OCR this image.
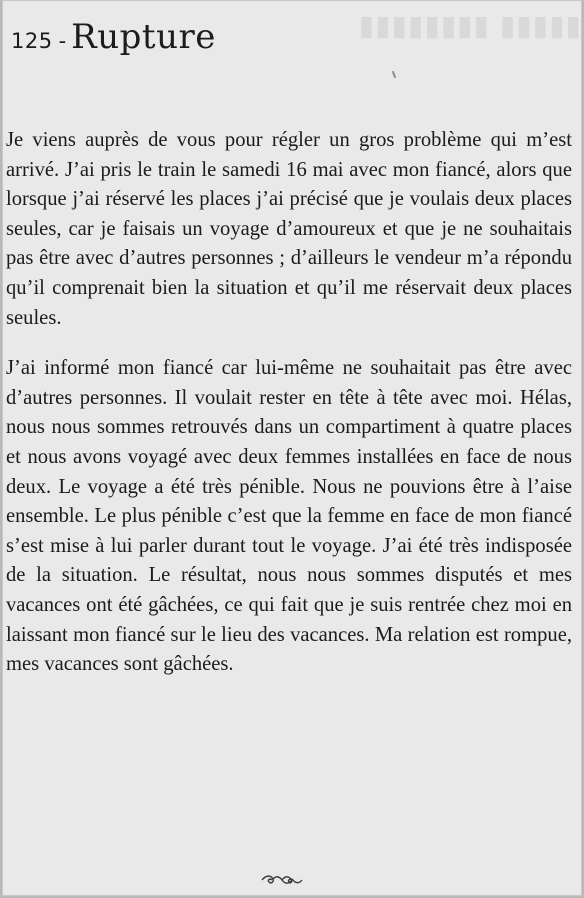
▮▮▮▮▮ ▮▮▮▮▮▮▮▮
125 - Rupture

Je viens auprès de vous pour régler un gros problème qui m’est arrivé. J’ai pris le train le samedi 16 mai avec mon fiancé, alors que lorsque j’ai réservé les places j’ai précisé que je voulais deux places seules, car je faisais un voyage d’amoureux et que je ne souhaitais pas être avec d’autres personnes ; d’ailleurs le vendeur m’a répondu qu’il comprenait bien la situation et qu’il me réservait deux places seules.

J’ai informé mon fiancé car lui-même ne souhaitait pas être avec d’autres personnes. Il voulait rester en tête à tête avec moi. Hélas, nous nous sommes retrouvés dans un compartiment à quatre places et nous avons voyagé avec deux femmes installées en face de nous deux. Le voyage a été très pénible. Nous ne pouvions être à l’aise ensemble. Le plus pénible c’est que la femme en face de mon fiancé s’est mise à lui parler durant tout le voyage. J’ai été très indisposée de la situation. Le résultat, nous nous sommes disputés et mes vacances ont été gâchées, ce qui fait que je suis rentrée chez moi en laissant mon fiancé sur le lieu des vacances. Ma relation est rompue, mes vacances sont gâchées.
